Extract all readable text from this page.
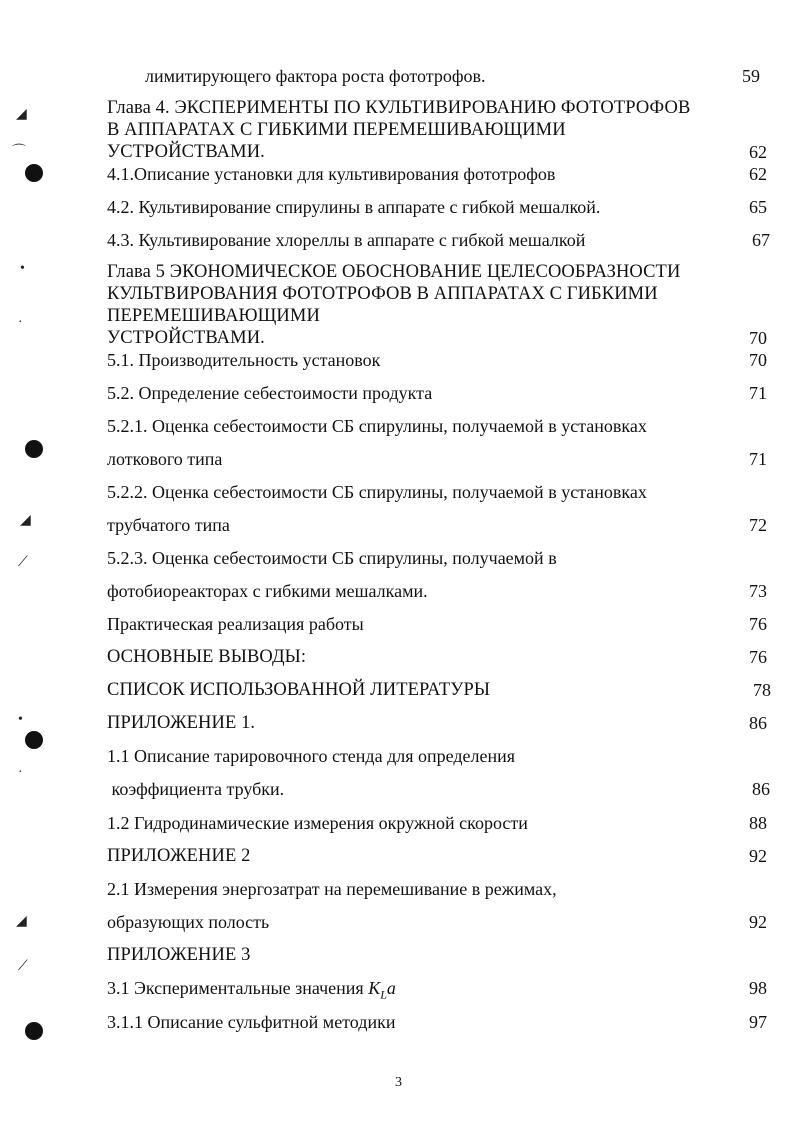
◢
⌒
•
·
◢
⟋
•
·
◢
⟋
лимитирующего фактора роста фототрофов.	59
Глава 4. ЭКСПЕРИМЕНТЫ ПО КУЛЬТИВИРОВАНИЮ ФОТОТРОФОВ
В АППАРАТАХ С ГИБКИМИ ПЕРЕМЕШИВАЮЩИМИ
УСТРОЙСТВАМИ.	62
4.1.Описание установки для культивирования фототрофов	62
4.2. Культивирование спирулины в аппарате с гибкой мешалкой.	65
4.3. Культивирование хлореллы в аппарате с гибкой мешалкой	67
Глава 5 ЭКОНОМИЧЕСКОЕ ОБОСНОВАНИЕ ЦЕЛЕСООБРАЗНОСТИ
КУЛЬТВИРОВАНИЯ ФОТОТРОФОВ В АППАРАТАХ С ГИБКИМИ
ПЕРЕМЕШИВАЮЩИМИ
УСТРОЙСТВАМИ.	70
5.1. Производительность установок	70
5.2. Определение себестоимости продукта	71
5.2.1. Оценка себестоимости СБ спирулины, получаемой в установках
лоткового типа	71
5.2.2. Оценка себестоимости СБ спирулины, получаемой в установках
трубчатого типа	72
5.2.3. Оценка себестоимости СБ спирулины, получаемой в
фотобиореакторах с гибкими мешалками.	73
Практическая реализация работы	76
ОСНОВНЫЕ ВЫВОДЫ:	76
СПИСОК ИСПОЛЬЗОВАННОЙ ЛИТЕРАТУРЫ	78
ПРИЛОЖЕНИЕ 1.	86
1.1 Описание тарировочного стенда для определения
коэффициента трубки.	86
1.2 Гидродинамические измерения окружной скорости	88
ПРИЛОЖЕНИЕ 2	92
2.1 Измерения энергозатрат на перемешивание в режимах,
образующих полость	92
ПРИЛОЖЕНИЕ 3
3.1 Экспериментальные значения $K_La$	98
3.1.1 Описание сульфитной методики	97
3
